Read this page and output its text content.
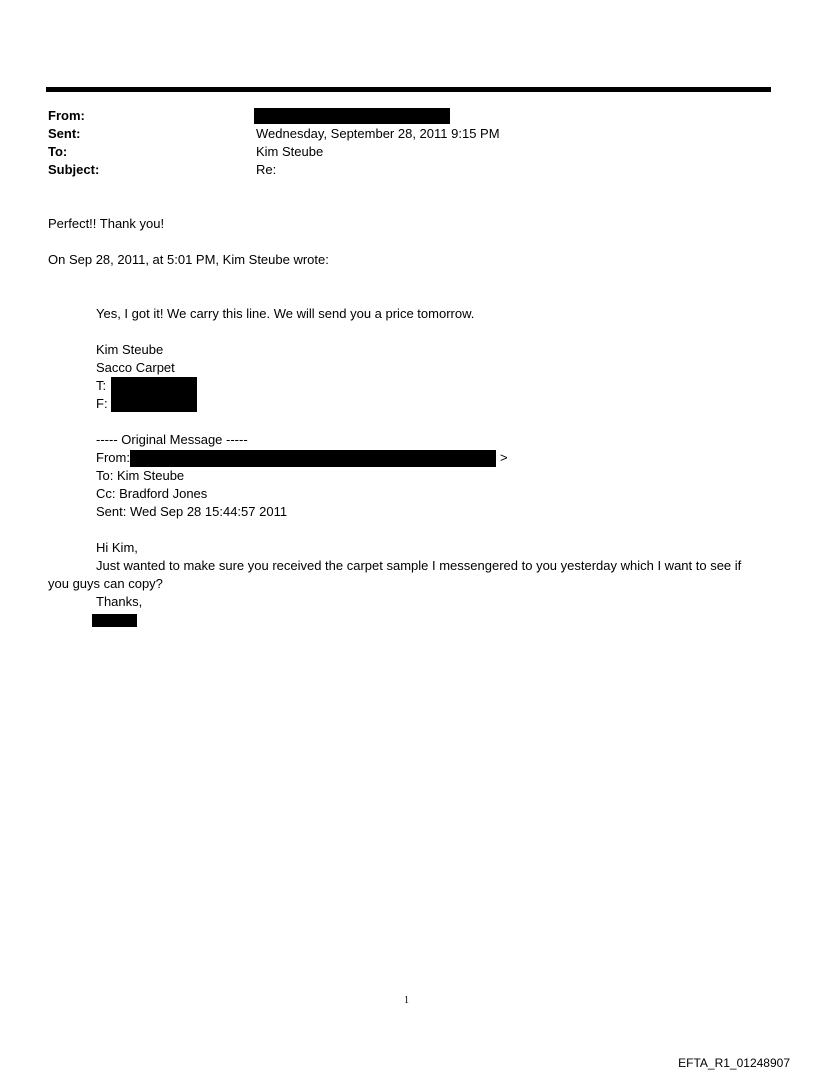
From:
Sent:	Wednesday, September 28, 2011 9:15 PM
To:	Kim Steube
Subject:	Re:
Perfect!! Thank you!
On Sep 28, 2011, at 5:01 PM, Kim Steube wrote:
Yes, I got it! We carry this line. We will send you a price tomorrow.
Kim Steube
Sacco Carpet
T:
F:
----- Original Message -----
From:	>
To: Kim Steube
Cc: Bradford Jones
Sent: Wed Sep 28 15:44:57 2011
Hi Kim,
Just wanted to make sure you received the carpet sample I messengered to you yesterday which I want to see if
you guys can copy?
Thanks,
1
EFTA_R1_01248907
